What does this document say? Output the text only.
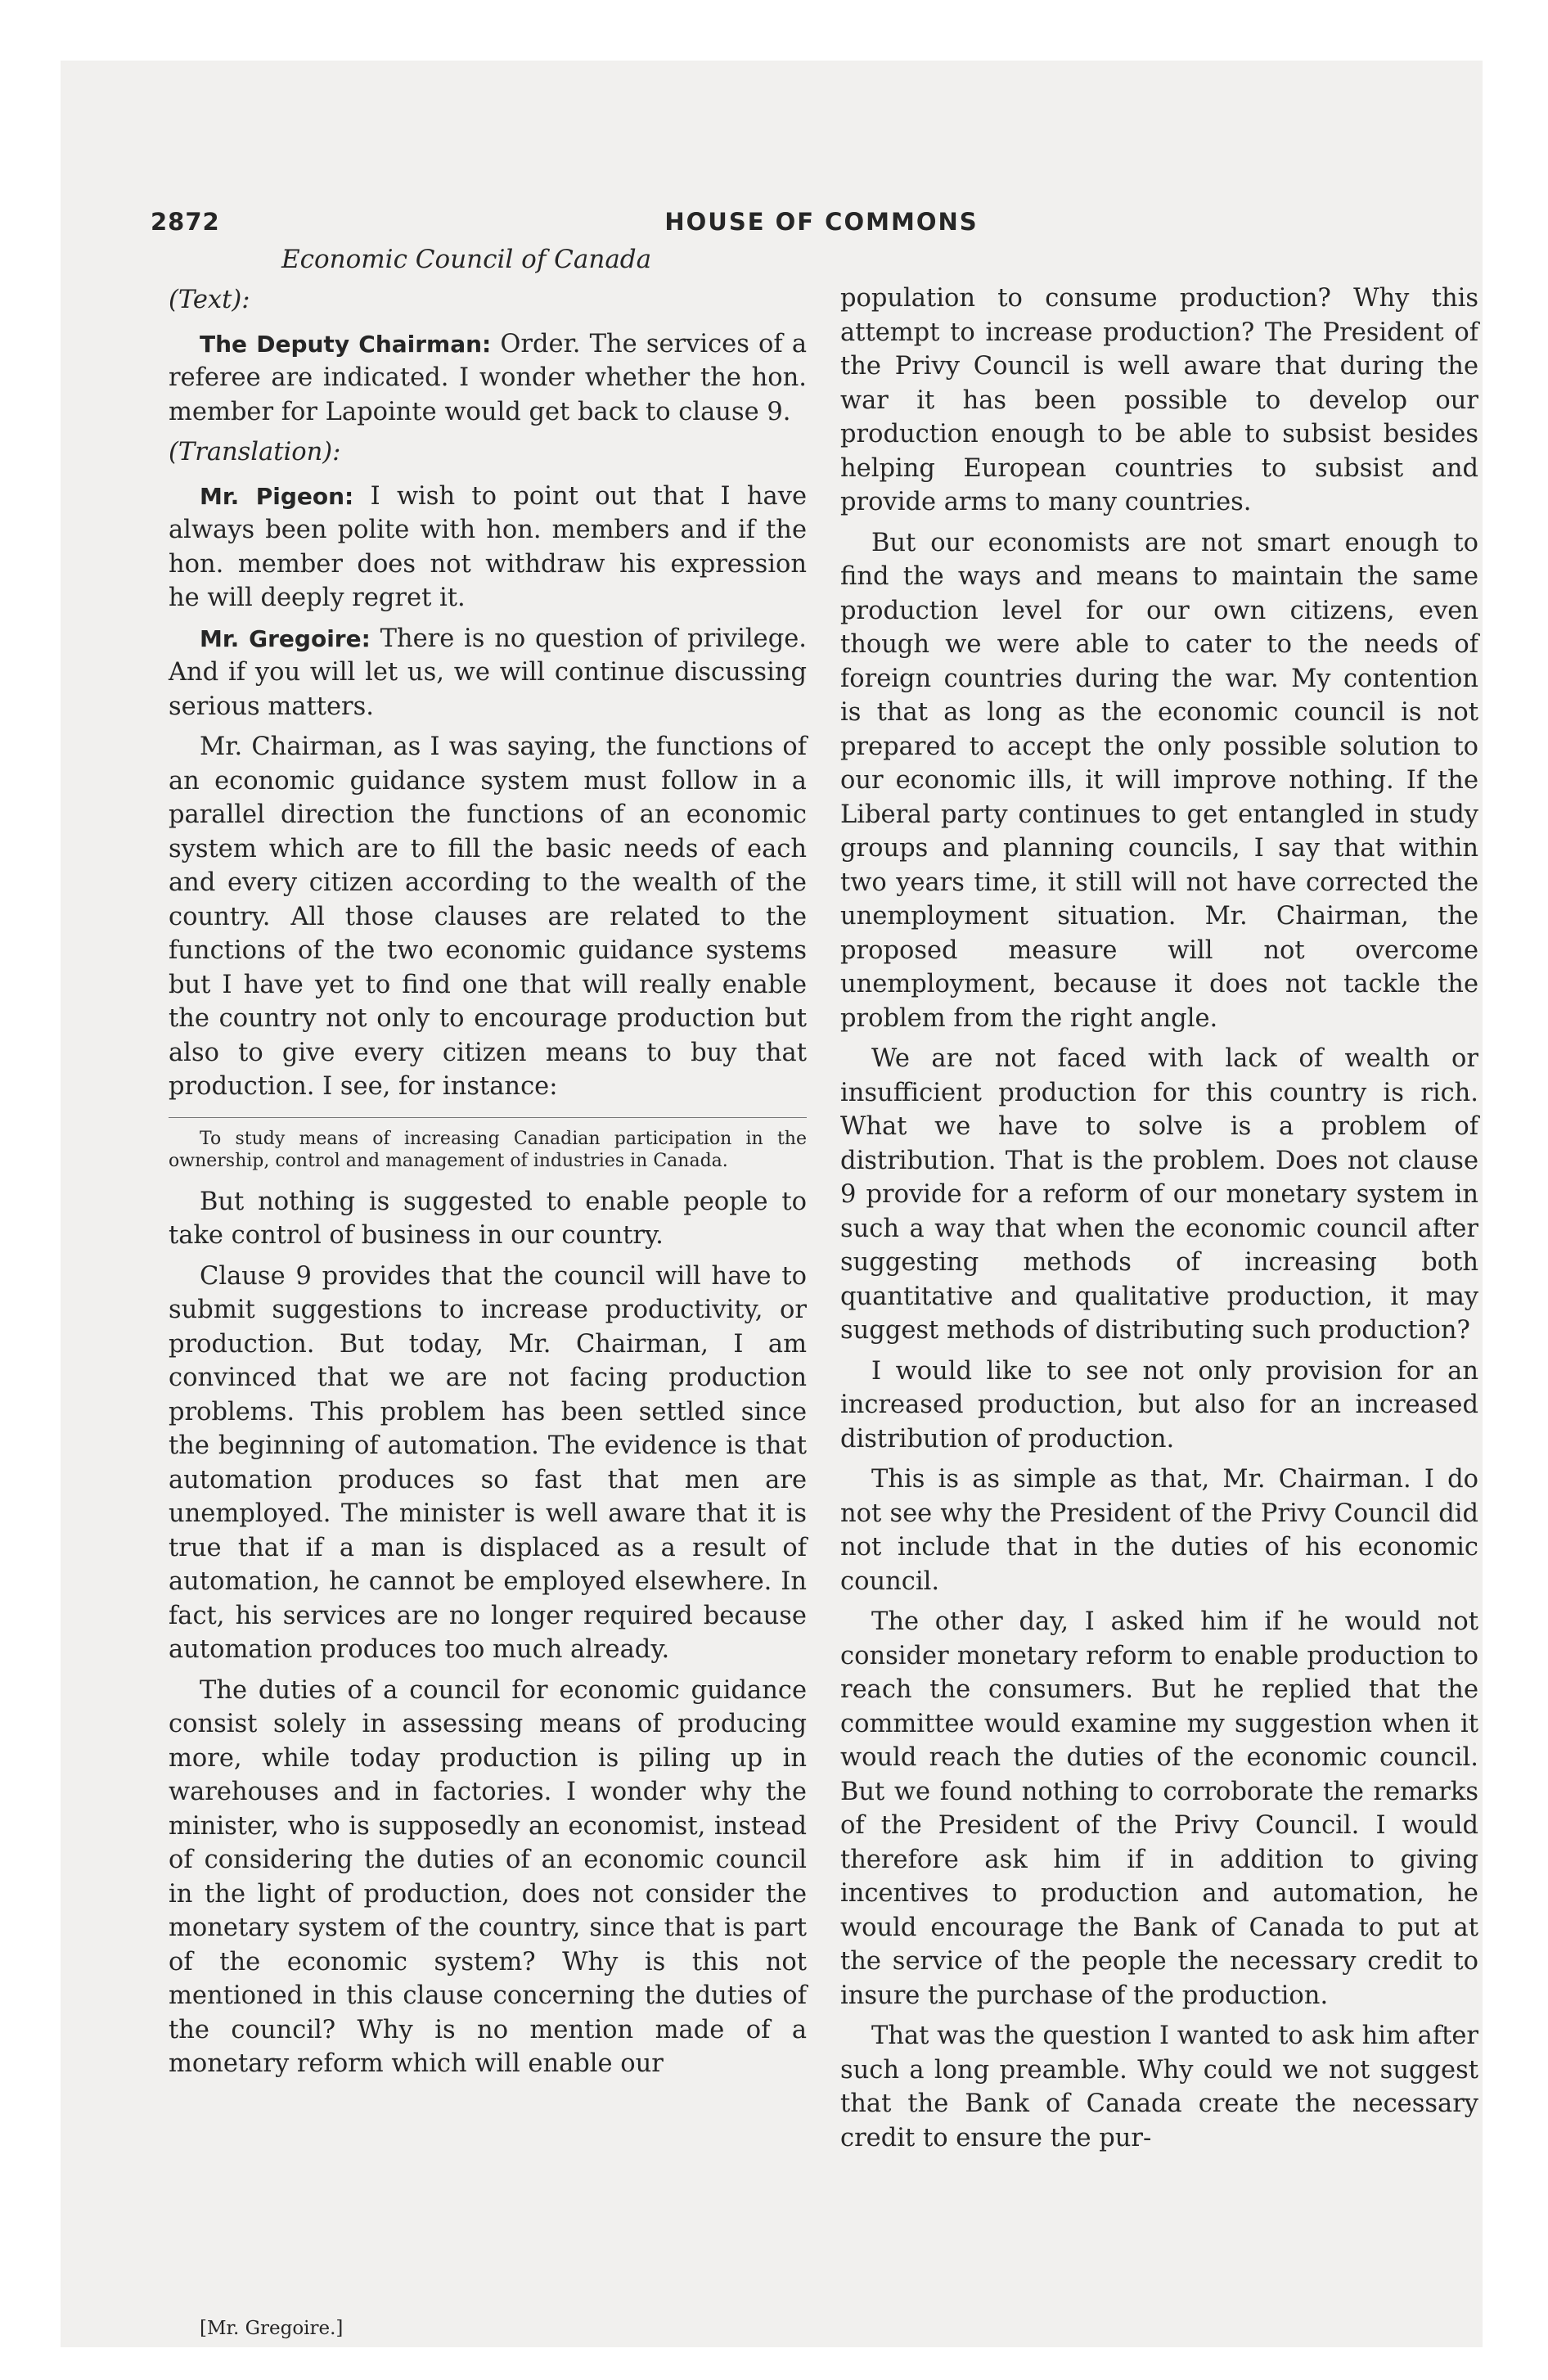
2872	HOUSE OF COMMONS
Economic Council of Canada

(Text):

The Deputy Chairman: Order. The services of a referee are indicated. I wonder whether the hon. member for Lapointe would get back to clause 9.

(Translation):

Mr. Pigeon: I wish to point out that I have always been polite with hon. members and if the hon. member does not withdraw his expression he will deeply regret it.

Mr. Gregoire: There is no question of privilege. And if you will let us, we will continue discussing serious matters.

Mr. Chairman, as I was saying, the functions of an economic guidance system must follow in a parallel direction the functions of an economic system which are to fill the basic needs of each and every citizen according to the wealth of the country. All those clauses are related to the functions of the two economic guidance systems but I have yet to find one that will really enable the country not only to encourage production but also to give every citizen means to buy that production. I see, for instance:

To study means of increasing Canadian participation in the ownership, control and management of industries in Canada.

But nothing is suggested to enable people to take control of business in our country.

Clause 9 provides that the council will have to submit suggestions to increase productivity, or production. But today, Mr. Chairman, I am convinced that we are not facing production problems. This problem has been settled since the beginning of automation. The evidence is that automation produces so fast that men are unemployed. The minister is well aware that it is true that if a man is displaced as a result of automation, he cannot be employed elsewhere. In fact, his services are no longer required because automation produces too much already.

The duties of a council for economic guidance consist solely in assessing means of producing more, while today production is piling up in warehouses and in factories. I wonder why the minister, who is supposedly an economist, instead of considering the duties of an economic council in the light of production, does not consider the monetary system of the country, since that is part of the economic system? Why is this not mentioned in this clause concerning the duties of the council? Why is no mention made of a monetary reform which will enable our

population to consume production? Why this attempt to increase production? The President of the Privy Council is well aware that during the war it has been possible to develop our production enough to be able to subsist besides helping European countries to subsist and provide arms to many countries.

But our economists are not smart enough to find the ways and means to maintain the same production level for our own citizens, even though we were able to cater to the needs of foreign countries during the war. My contention is that as long as the economic council is not prepared to accept the only possible solution to our economic ills, it will improve nothing. If the Liberal party continues to get entangled in study groups and planning councils, I say that within two years time, it still will not have corrected the unemployment situation. Mr. Chairman, the proposed measure will not overcome unemployment, because it does not tackle the problem from the right angle.

We are not faced with lack of wealth or insufficient production for this country is rich. What we have to solve is a problem of distribution. That is the problem. Does not clause 9 provide for a reform of our monetary system in such a way that when the economic council after suggesting methods of increasing both quantitative and qualitative production, it may suggest methods of distributing such production?

I would like to see not only provision for an increased production, but also for an increased distribution of production.

This is as simple as that, Mr. Chairman. I do not see why the President of the Privy Council did not include that in the duties of his economic council.

The other day, I asked him if he would not consider monetary reform to enable production to reach the consumers. But he replied that the committee would examine my suggestion when it would reach the duties of the economic council. But we found nothing to corroborate the remarks of the President of the Privy Council. I would therefore ask him if in addition to giving incentives to production and automation, he would encourage the Bank of Canada to put at the service of the people the necessary credit to insure the purchase of the production.

That was the question I wanted to ask him after such a long preamble. Why could we not suggest that the Bank of Canada create the necessary credit to ensure the pur-

[Mr. Gregoire.]
